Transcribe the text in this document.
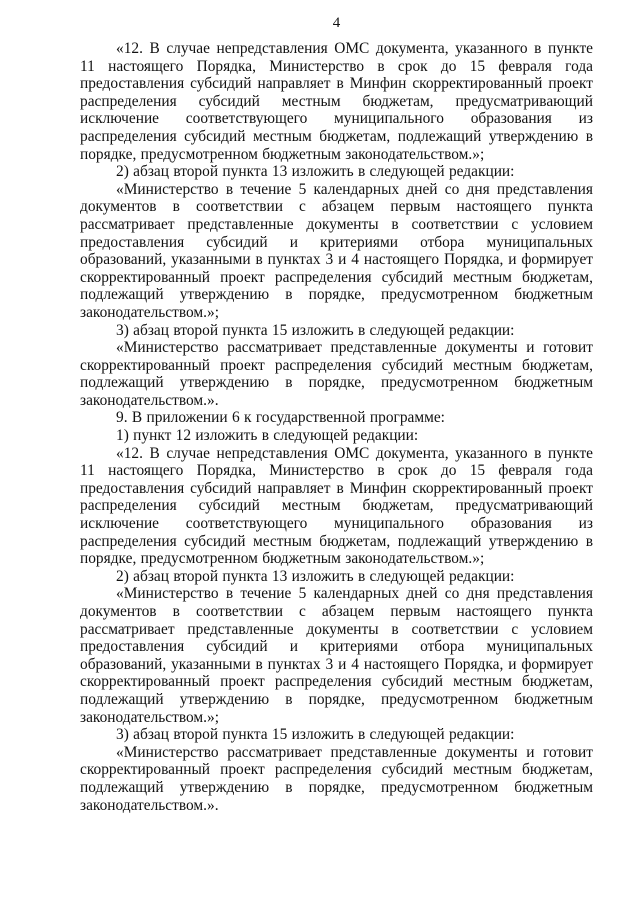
4

«12. В случае непредставления ОМС документа, указанного в пункте 11 настоящего Порядка, Министерство в срок до 15 февраля года предоставления субсидий направляет в Минфин скорректированный проект распределения субсидий местным бюджетам, предусматривающий исключение соответствующего муниципального образования из распределения субсидий местным бюджетам, подлежащий утверждению в порядке, предусмотренном бюджетным законодательством.»;

2) абзац второй пункта 13 изложить в следующей редакции:

«Министерство в течение 5 календарных дней со дня представления документов в соответствии с абзацем первым настоящего пункта рассматривает представленные документы в соответствии с условием предоставления субсидий и критериями отбора муниципальных образований, указанными в пунктах 3 и 4 настоящего Порядка, и формирует скорректированный проект распределения субсидий местным бюджетам, подлежащий утверждению в порядке, предусмотренном бюджетным законодательством.»;

3) абзац второй пункта 15 изложить в следующей редакции:

«Министерство рассматривает представленные документы и готовит скорректированный проект распределения субсидий местным бюджетам, подлежащий утверждению в порядке, предусмотренном бюджетным законодательством.».

9. В приложении 6 к государственной программе:

1) пункт 12 изложить в следующей редакции:

«12. В случае непредставления ОМС документа, указанного в пункте 11 настоящего Порядка, Министерство в срок до 15 февраля года предоставления субсидий направляет в Минфин скорректированный проект распределения субсидий местным бюджетам, предусматривающий исключение соответствующего муниципального образования из распределения субсидий местным бюджетам, подлежащий утверждению в порядке, предусмотренном бюджетным законодательством.»;

2) абзац второй пункта 13 изложить в следующей редакции:

«Министерство в течение 5 календарных дней со дня представления документов в соответствии с абзацем первым настоящего пункта рассматривает представленные документы в соответствии с условием предоставления субсидий и критериями отбора муниципальных образований, указанными в пунктах 3 и 4 настоящего Порядка, и формирует скорректированный проект распределения субсидий местным бюджетам, подлежащий утверждению в порядке, предусмотренном бюджетным законодательством.»;

3) абзац второй пункта 15 изложить в следующей редакции:

«Министерство рассматривает представленные документы и готовит скорректированный проект распределения субсидий местным бюджетам, подлежащий утверждению в порядке, предусмотренном бюджетным законодательством.».
